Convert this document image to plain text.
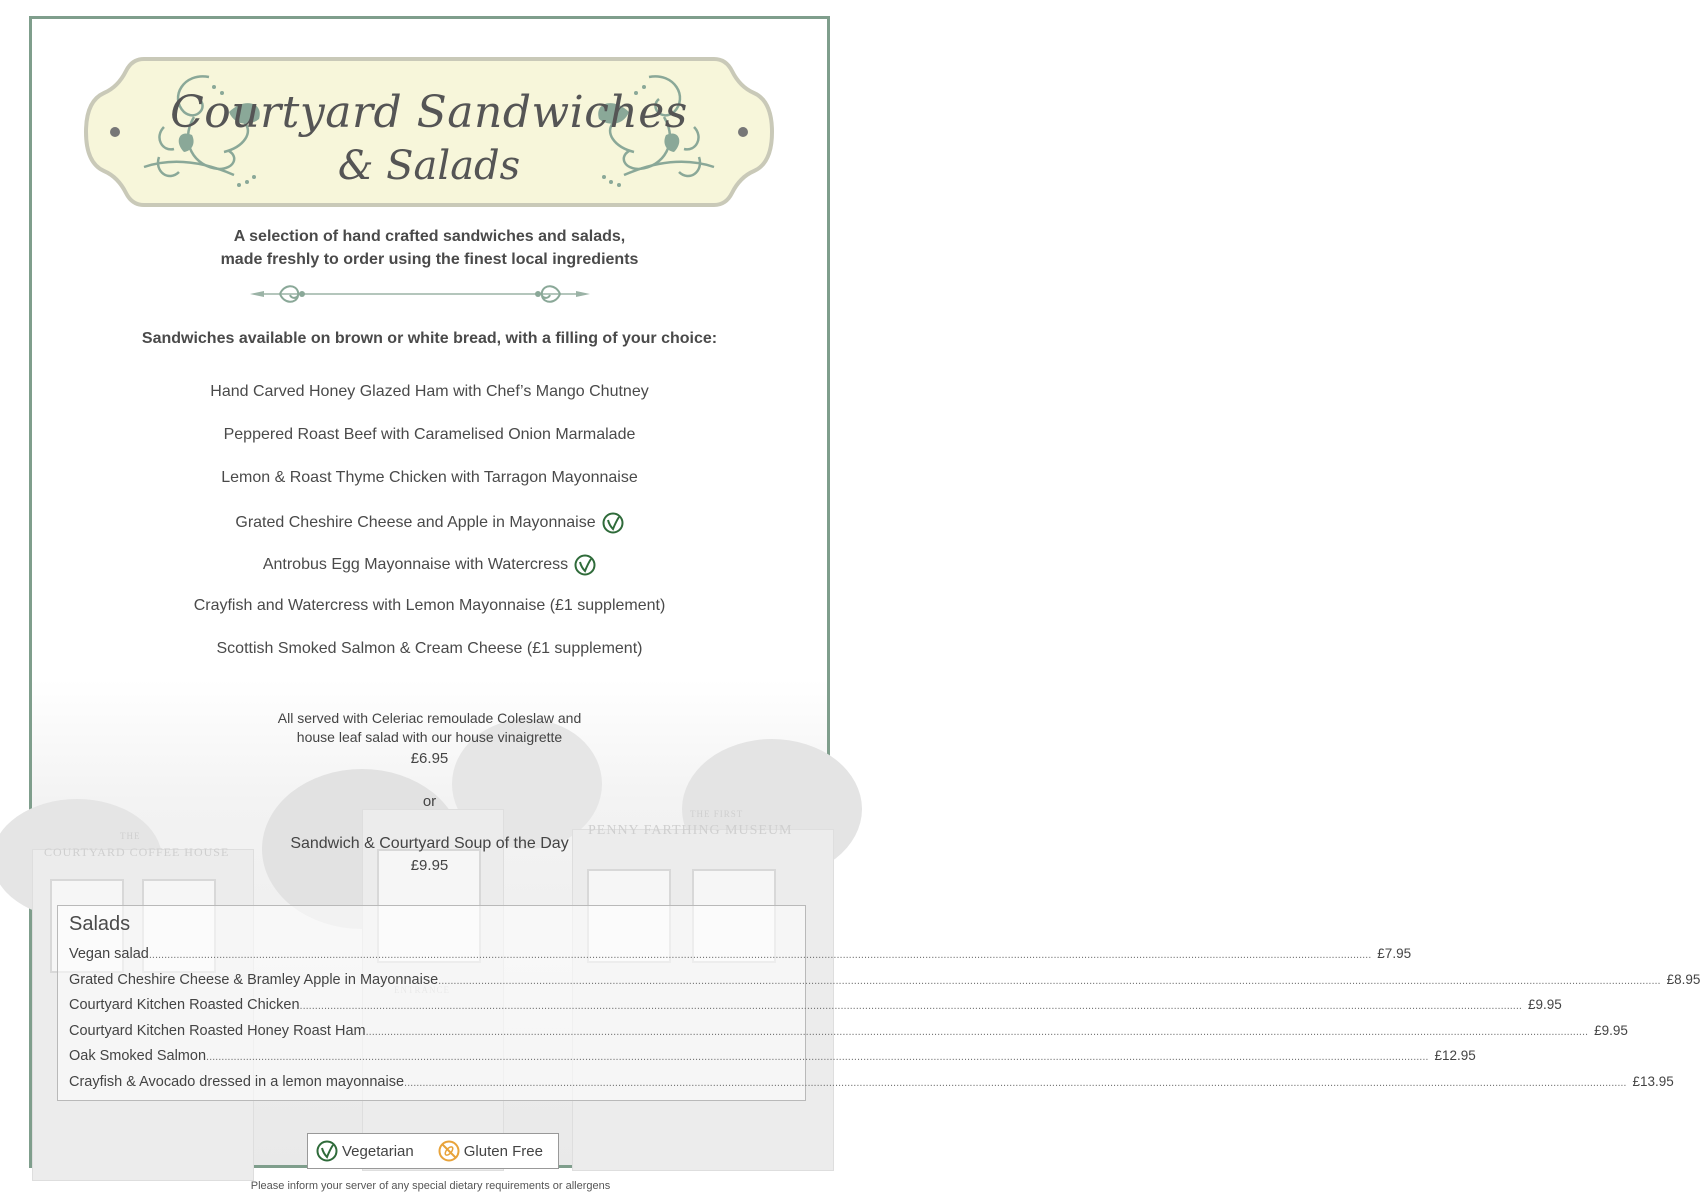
THE
COURTYARD COFFEE HOUSE
THE FIRST
PENNY FARTHING MUSEUM
Courtyard Sandwiches
& Salads
A selection of hand crafted sandwiches and salads,
made freshly to order using the finest local ingredients
Sandwiches available on brown or white bread, with a filling of your choice:
Hand Carved Honey Glazed Ham with Chef’s Mango Chutney
Peppered Roast Beef with Caramelised Onion Marmalade
Lemon & Roast Thyme Chicken with Tarragon Mayonnaise
Grated Cheshire Cheese and Apple in Mayonnaise
Antrobus Egg Mayonnaise with Watercress
Crayfish and Watercress with Lemon Mayonnaise (£1 supplement)
Scottish Smoked Salmon & Cream Cheese (£1 supplement)
All served with Celeriac remoulade Coleslaw and
house leaf salad with our house vinaigrette
£6.95
or
Sandwich & Courtyard Soup of the Day
£9.95
Salads
Vegan salad ................................................................................................................................................................................................................................................................................................................................................................................................................ £7.95
Grated Cheshire Cheese & Bramley Apple in Mayonnaise ................................................................................................................................................................................................................................................................................................................................................................................................................ £8.95
Courtyard Kitchen Roasted Chicken ................................................................................................................................................................................................................................................................................................................................................................................................................ £9.95
Courtyard Kitchen Roasted Honey Roast Ham ................................................................................................................................................................................................................................................................................................................................................................................................................ £9.95
Oak Smoked Salmon ................................................................................................................................................................................................................................................................................................................................................................................................................ £12.95
Crayfish & Avocado dressed in a lemon mayonnaise ................................................................................................................................................................................................................................................................................................................................................................................................................ £13.95
Vegetarian	Gluten Free
Please inform your server of any special dietary requirements or allergens
